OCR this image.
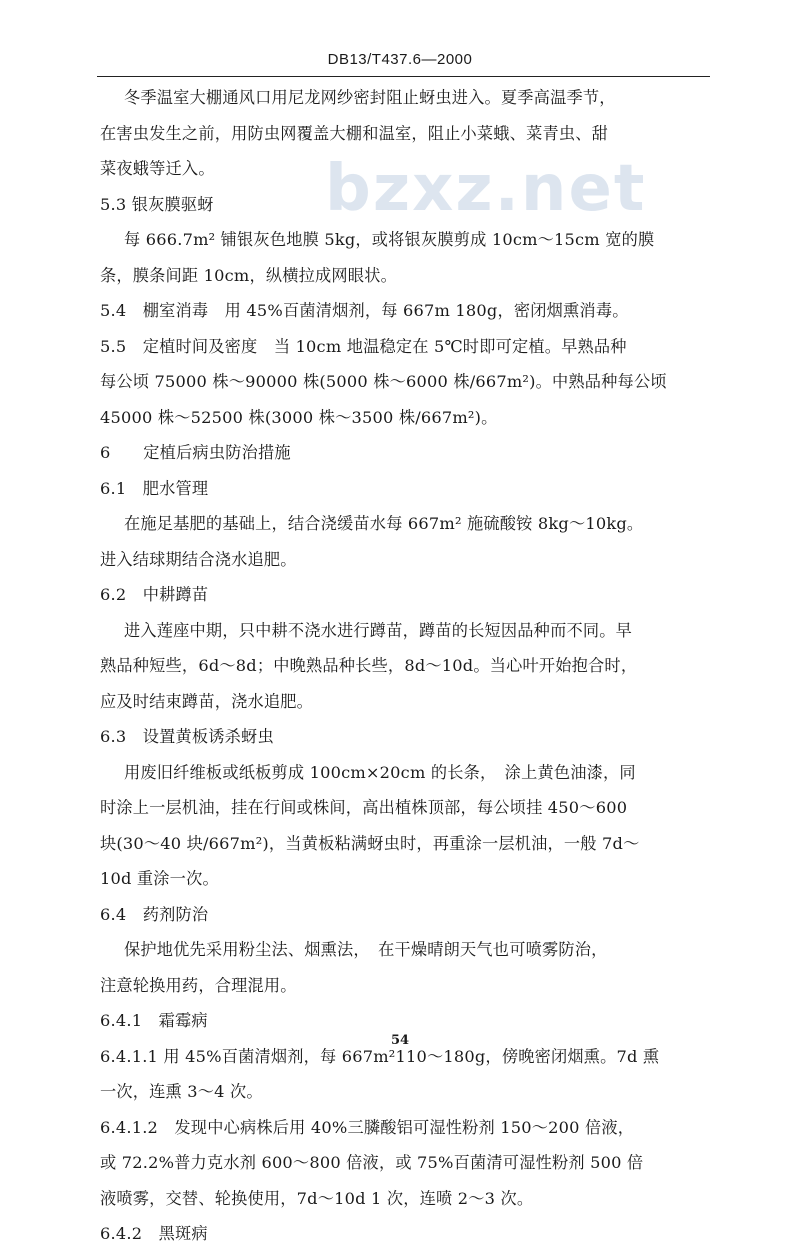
DB13/T437.6—2000
bzxz.net
冬季温室大棚通风口用尼龙网纱密封阻止蚜虫进入。夏季高温季节，
在害虫发生之前，用防虫网覆盖大棚和温室，阻止小菜蛾、菜青虫、甜
菜夜蛾等迁入。
5.3 银灰膜驱蚜
每 666.7m² 铺银灰色地膜 5kg，或将银灰膜剪成 10cm～15cm 宽的膜
条，膜条间距 10cm，纵横拉成网眼状。
5.4　棚室消毒　用 45%百菌清烟剂，每 667m 180g，密闭烟熏消毒。
5.5　定植时间及密度　当 10cm 地温稳定在 5℃时即可定植。早熟品种
每公顷 75000 株～90000 株(5000 株～6000 株/667m²)。中熟品种每公顷
45000 株～52500 株(3000 株～3500 株/667m²)。
6　　定植后病虫防治措施
6.1　肥水管理
在施足基肥的基础上，结合浇缓苗水每 667m² 施硫酸铵 8kg～10kg。
进入结球期结合浇水追肥。
6.2　中耕蹲苗
进入莲座中期，只中耕不浇水进行蹲苗，蹲苗的长短因品种而不同。早
熟品种短些，6d～8d；中晚熟品种长些，8d～10d。当心叶开始抱合时，
应及时结束蹲苗，浇水追肥。
6.3　设置黄板诱杀蚜虫
用废旧纤维板或纸板剪成 100cm×20cm 的长条，　涂上黄色油漆，同
时涂上一层机油，挂在行间或株间，高出植株顶部，每公顷挂 450～600
块(30～40 块/667m²)，当黄板粘满蚜虫时，再重涂一层机油，一般 7d～
10d 重涂一次。
6.4　药剂防治
保护地优先采用粉尘法、烟熏法，　在干燥晴朗天气也可喷雾防治，
注意轮换用药，合理混用。
6.4.1　霜霉病
6.4.1.1 用 45%百菌清烟剂，每 667m²110～180g，傍晚密闭烟熏。7d 熏
一次，连熏 3～4 次。
6.4.1.2　发现中心病株后用 40%三膦酸铝可湿性粉剂 150～200 倍液，
或 72.2%普力克水剂 600～800 倍液，或 75%百菌清可湿性粉剂 500 倍
液喷雾，交替、轮换使用，7d～10d 1 次，连喷 2～3 次。
6.4.2　黑斑病
54
